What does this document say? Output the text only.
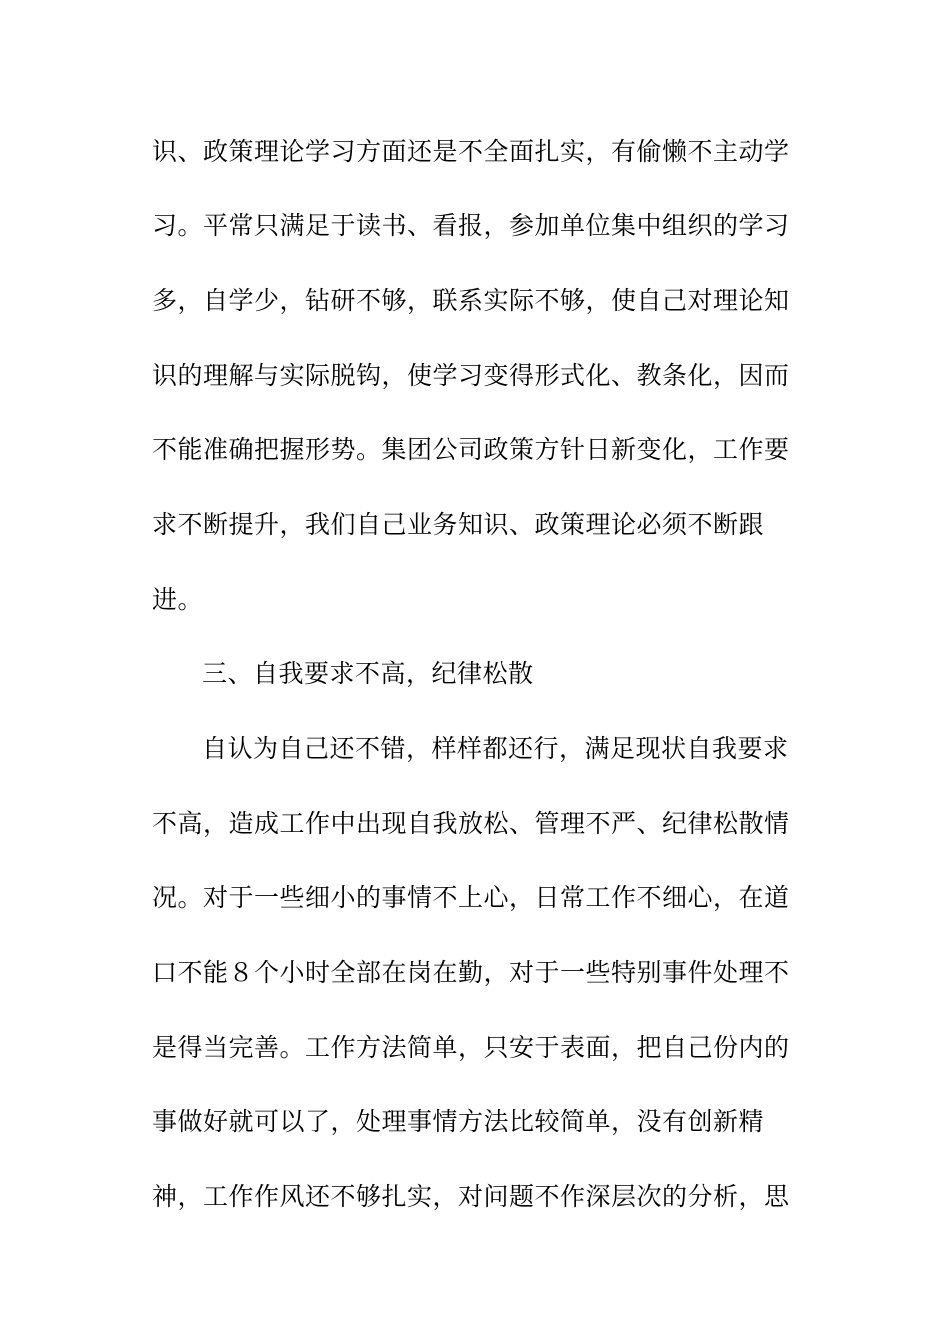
识、政策理论学习方面还是不全面扎实，有偷懒不主动学
习。平常只满足于读书、看报，参加单位集中组织的学习
多，自学少，钻研不够，联系实际不够，使自己对理论知
识的理解与实际脱钩，使学习变得形式化、教条化，因而
不能准确把握形势。集团公司政策方针日新变化，工作要
求不断提升，我们自己业务知识、政策理论必须不断跟
进。
三、自我要求不高，纪律松散
自认为自己还不错，样样都还行，满足现状自我要求
不高，造成工作中出现自我放松、管理不严、纪律松散情
况。对于一些细小的事情不上心，日常工作不细心，在道
口不能８个小时全部在岗在勤，对于一些特别事件处理不
是得当完善。工作方法简单，只安于表面，把自己份内的
事做好就可以了，处理事情方法比较简单，没有创新精
神，工作作风还不够扎实，对问题不作深层次的分析，思
